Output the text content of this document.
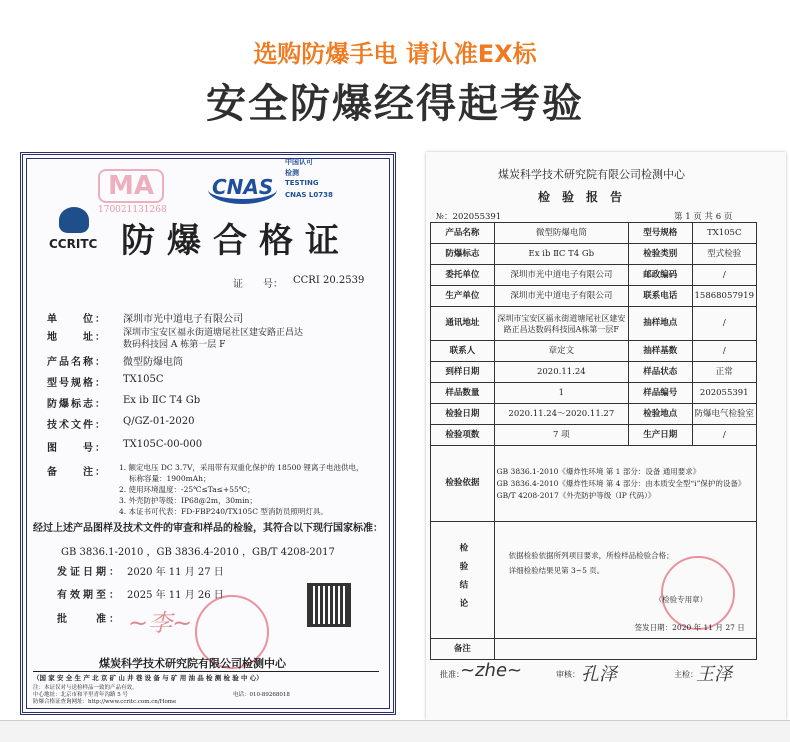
选购防爆手电 请认准EX标
安全防爆经得起考验
MA
170021131268
CNAS
中国认可
检测
TESTING
CNAS L0738
CCRITC 防爆合格证
证　　号： CCRI 20.2539
单　　位： 深圳市光中道电子有限公司
地　　址： 深圳市宝安区福永街道塘尾社区建安路正昌达
数码科技园 A 栋第一层 F
产品名称： 微型防爆电筒
型号规格： TX105C
防爆标志： Ex ib ⅡC T4 Gb
技术文件： Q/GZ-01-2020
图　　号： TX105C-00-000
备　　注： 1. 额定电压 DC 3.7V，采用带有双重化保护的 18500 锂离子电池供电，
标称容量：1900mAh；
2. 使用环境温度：-25℃≤Ta≤+55℃；
3. 外壳防护等级：IP68@2m，30min；
4. 本证书可代表：FD-FBP240/TX105C 型消防员照明灯具。
经过上述产品图样及技术文件的审查和样品的检验，其符合以下现行国家标准：
GB 3836.1-2010 ，GB 3836.4-2010 ，GB/T 4208-2017
发证日期： 2020 年 11 月 27 日
有效期至： 2025 年 11 月 26 日
批　　准： ~李~
煤炭科学技术研究院有限公司检测中心
（国 家 安 全 生 产 北 京 矿 山 井 巷 设 备 与 矿 用 油 品 检 测 检 验 中 心）
注：本证仅对与送检样品一致的产品有效。
中心地址：北京市和平里青年沟路 5 号
防爆合格证查询网址：http://www.ccritc.com.cn/Home
电话：010-89268018
煤炭科学技术研究院有限公司检测中心
检　验　报　告
№：202055391	第 1 页 共 6 页
产品名称	微型防爆电筒	型号规格	TX105C
防爆标志	Ex ib ⅡC T4 Gb	检验类别	型式检验
委托单位	深圳市光中道电子有限公司	邮政编码	/
生产单位	深圳市光中道电子有限公司	联系电话	15868057919
通讯地址	深圳市宝安区福永街道塘尾社区建安路正昌达数码科技园A栋第一层F	抽样地点	/
联系人	章定文	抽样基数	/
到样日期	2020.11.24	样品状态	正常
样品数量	1	样品编号	202055391
检验日期	2020.11.24～2020.11.27	检验地点	防爆电气检验室
检验项数	7 项	生产日期	/
检验依据	GB 3836.1-2010《爆炸性环境 第 1 部分：设备 通用要求》
GB 3836.4-2010《爆炸性环境 第 4 部分：由本质安全型“i”保护的设备》
GB/T 4208-2017《外壳防护等级（IP 代码）》		

检验结论	依据检验依据所列项目要求，所检样品检验合格；
详细检验结果见第 3~5 页。
（检验专用章）
签发日期：2020 年 11 月 27 日		

备注			
批准：
~zhe~	审核： 孔泽	主检：
王泽
